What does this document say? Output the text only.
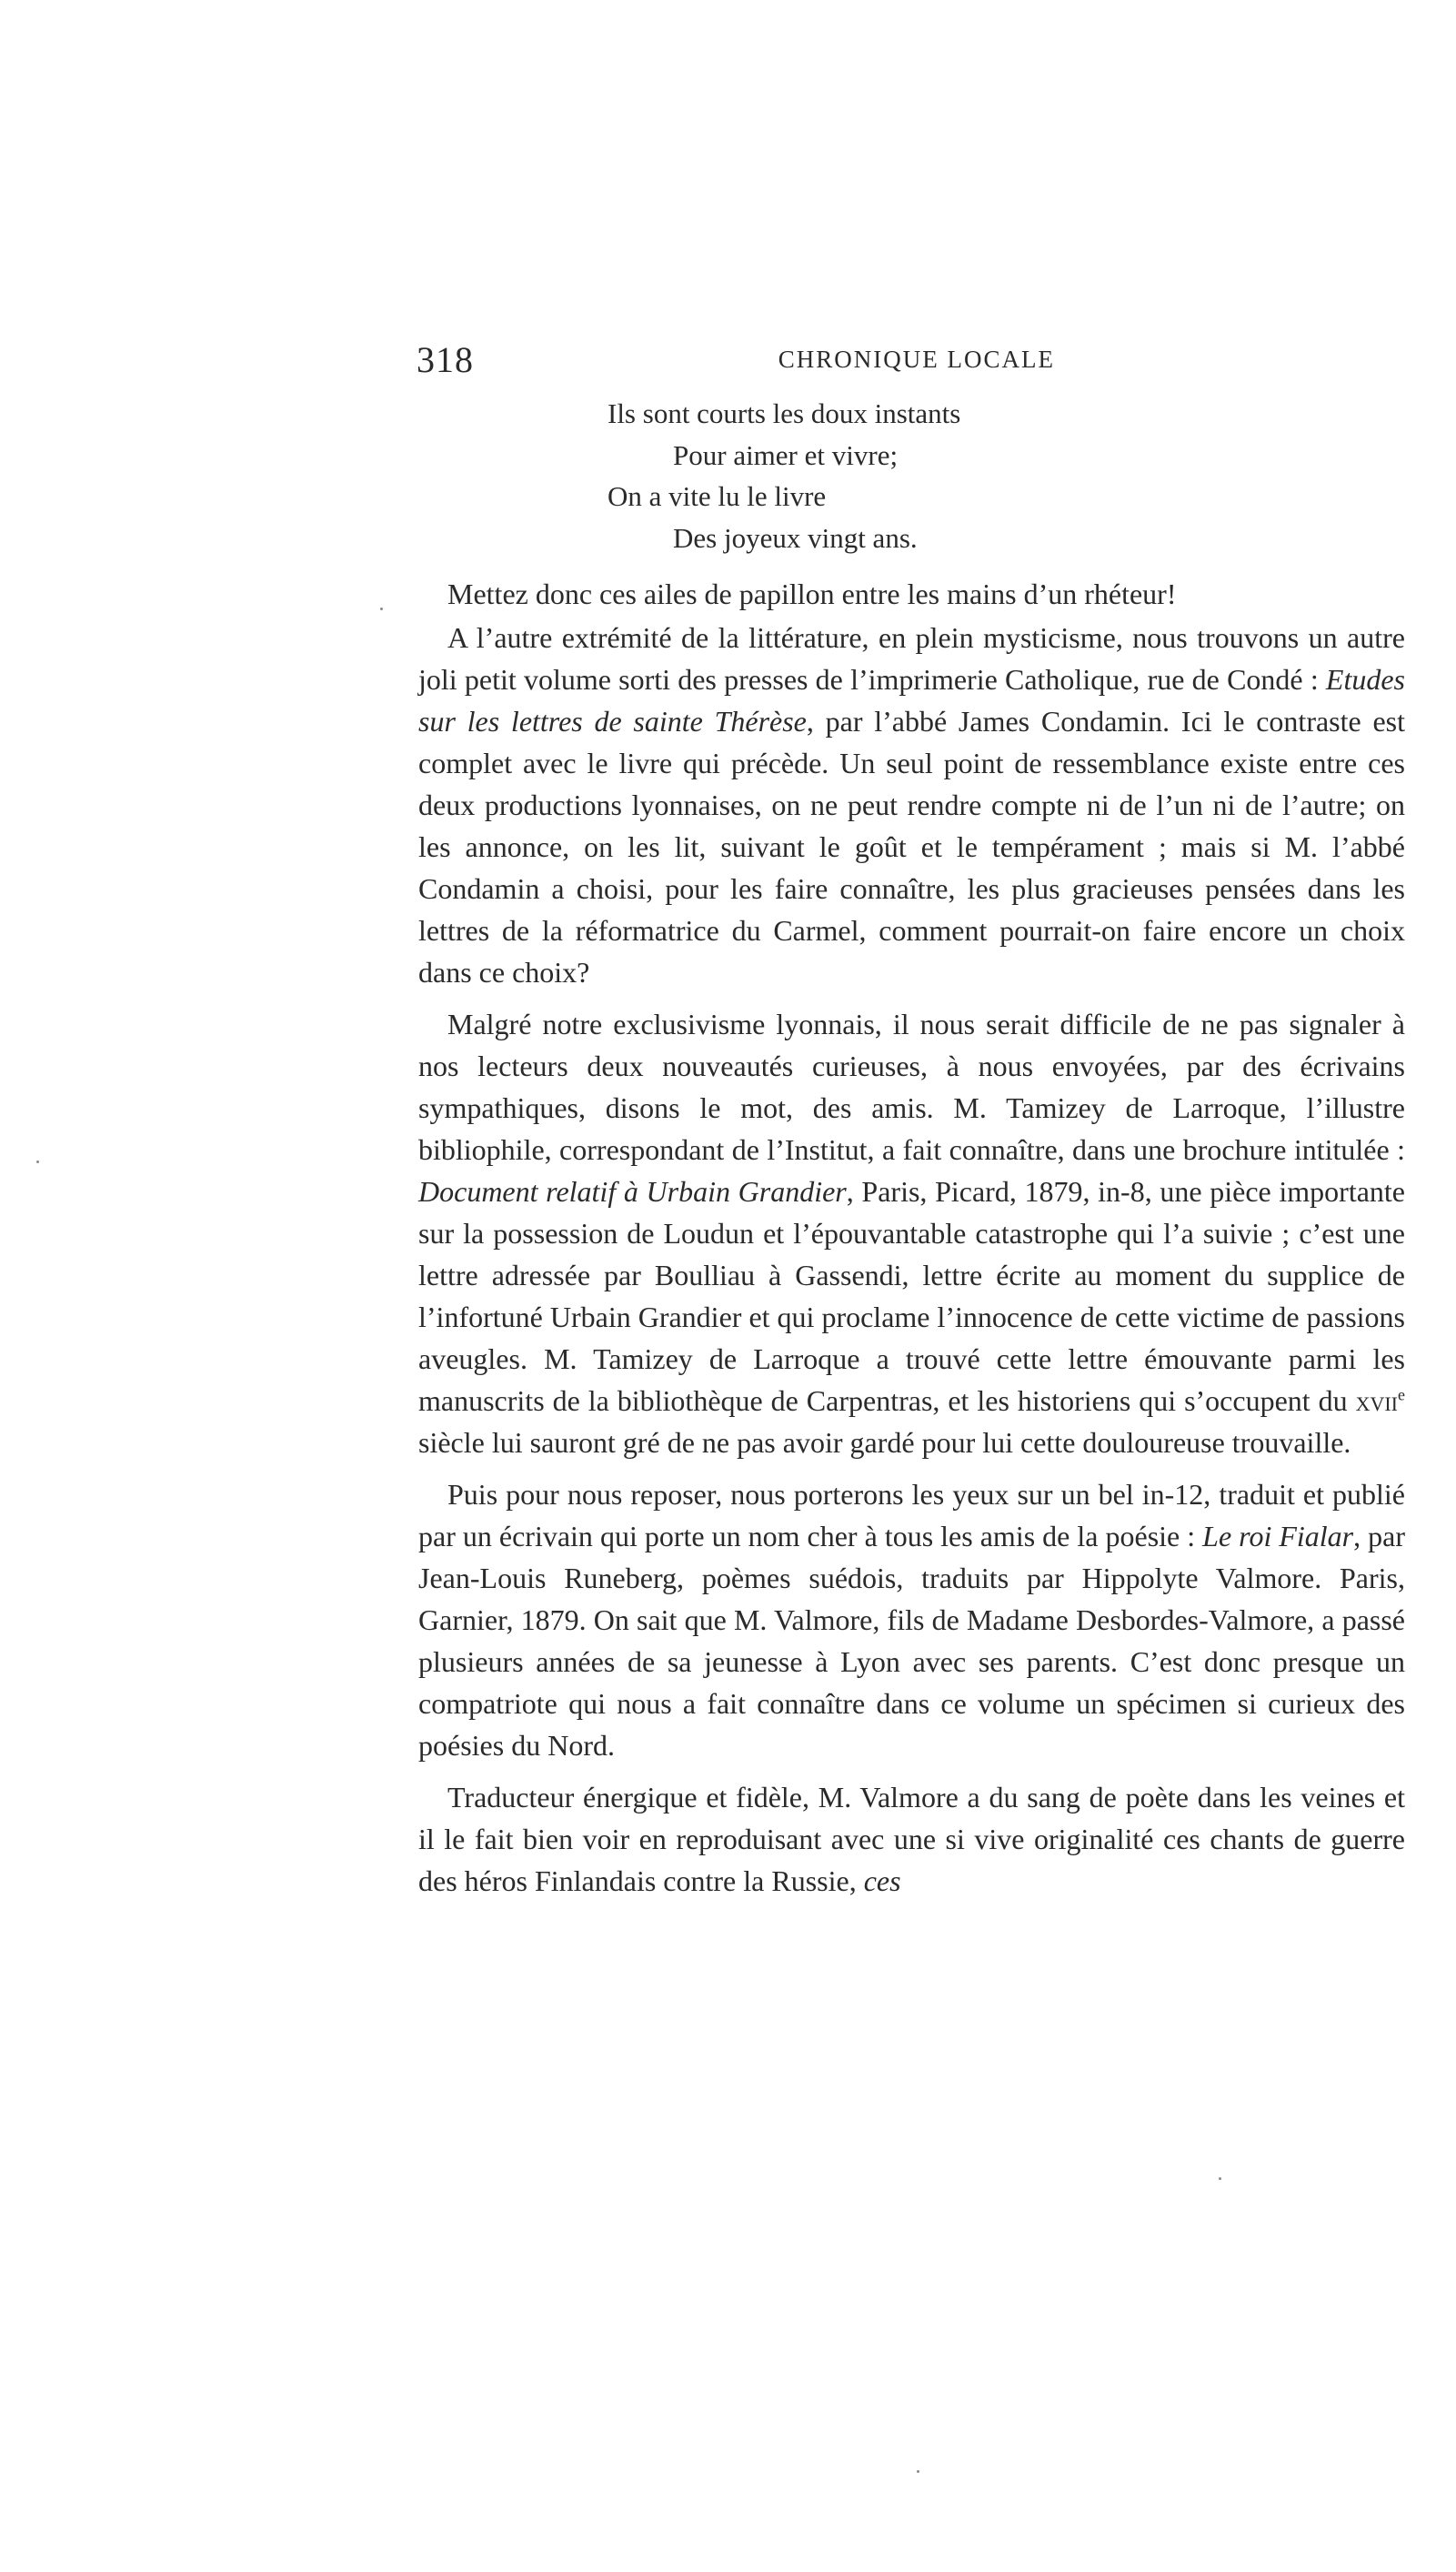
318	CHRONIQUE LOCALE
Ils sont courts les doux instants
Pour aimer et vivre;
On a vite lu le livre
Des joyeux vingt ans.

Mettez donc ces ailes de papillon entre les mains d’un rhéteur!

A l’autre extrémité de la littérature, en plein mysticisme, nous trouvons un autre joli petit volume sorti des presses de l’imprimerie Catholique, rue de Condé : Etudes sur les lettres de sainte Thérèse, par l’abbé James Condamin. Ici le contraste est complet avec le livre qui précède. Un seul point de ressemblance existe entre ces deux productions lyonnaises, on ne peut rendre compte ni de l’un ni de l’autre; on les annonce, on les lit, suivant le goût et le tempérament ; mais si M. l’abbé Condamin a choisi, pour les faire connaître, les plus gracieuses pensées dans les lettres de la réformatrice du Carmel, comment pourrait-on faire encore un choix dans ce choix?

Malgré notre exclusivisme lyonnais, il nous serait difficile de ne pas signaler à nos lecteurs deux nouveautés curieuses, à nous envoyées, par des écrivains sympathiques, disons le mot, des amis. M. Tamizey de Larroque, l’illustre bibliophile, correspondant de l’Institut, a fait connaître, dans une brochure intitulée : Document relatif à Urbain Grandier, Paris, Picard, 1879, in-8, une pièce importante sur la possession de Loudun et l’épouvantable catastrophe qui l’a suivie ; c’est une lettre adressée par Boulliau à Gassendi, lettre écrite au moment du supplice de l’infortuné Urbain Grandier et qui proclame l’innocence de cette victime de passions aveugles. M. Tamizey de Larroque a trouvé cette lettre émouvante parmi les manuscrits de la bibliothèque de Carpentras, et les historiens qui s’occupent du xvii$^e$ siècle lui sauront gré de ne pas avoir gardé pour lui cette douloureuse trouvaille.

Puis pour nous reposer, nous porterons les yeux sur un bel in-12, traduit et publié par un écrivain qui porte un nom cher à tous les amis de la poésie : Le roi Fialar, par Jean-Louis Runeberg, poèmes suédois, traduits par Hippolyte Valmore. Paris, Garnier, 1879. On sait que M. Valmore, fils de Madame Desbordes-Valmore, a passé plusieurs années de sa jeunesse à Lyon avec ses parents. C’est donc presque un compatriote qui nous a fait connaître dans ce volume un spécimen si curieux des poésies du Nord.

Traducteur énergique et fidèle, M. Valmore a du sang de poète dans les veines et il le fait bien voir en reproduisant avec une si vive originalité ces chants de guerre des héros Finlandais contre la Russie, ces
